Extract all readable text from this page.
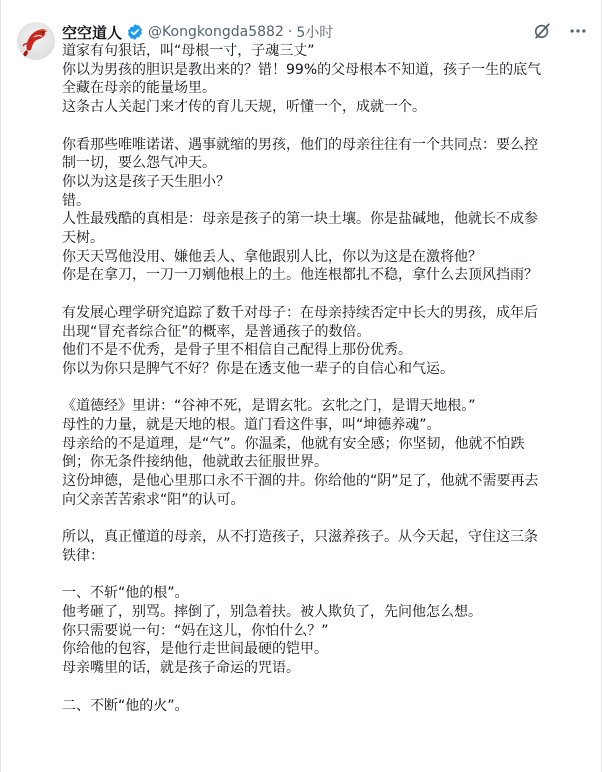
空空道人 @Kongkongda5882 · 5小时
道家有句狠话，叫“母根一寸，子魂三丈”
你以为男孩的胆识是教出来的？错！99%的父母根本不知道，孩子一生的底气
全藏在母亲的能量场里。
这条古人关起门来才传的育儿天规，听懂一个，成就一个。
你看那些唯唯诺诺、遇事就缩的男孩，他们的母亲往往有一个共同点：要么控
制一切，要么怨气冲天。
你以为这是孩子天生胆小？
错。
人性最残酷的真相是：母亲是孩子的第一块土壤。你是盐碱地，他就长不成参
天树。
你天天骂他没用、嫌他丢人、拿他跟别人比，你以为这是在激将他？
你是在拿刀，一刀一刀剜他根上的土。他连根都扎不稳，拿什么去顶风挡雨？
有发展心理学研究追踪了数千对母子：在母亲持续否定中长大的男孩，成年后
出现“冒充者综合征”的概率，是普通孩子的数倍。
他们不是不优秀，是骨子里不相信自己配得上那份优秀。
你以为你只是脾气不好？你是在透支他一辈子的自信心和气运。
《道德经》里讲：“谷神不死，是谓玄牝。玄牝之门，是谓天地根。”
母性的力量，就是天地的根。道门看这件事，叫“坤德养魂”。
母亲给的不是道理，是“气”。你温柔，他就有安全感；你坚韧，他就不怕跌
倒；你无条件接纳他，他就敢去征服世界。
这份坤德，是他心里那口永不干涸的井。你给他的“阴”足了，他就不需要再去
向父亲苦苦索求“阳”的认可。
所以，真正懂道的母亲，从不打造孩子，只滋养孩子。从今天起，守住这三条
铁律：
一、不斩“他的根”。
他考砸了，别骂。摔倒了，别急着扶。被人欺负了，先问他怎么想。
你只需要说一句：“妈在这儿，你怕什么？”
你给他的包容，是他行走世间最硬的铠甲。
母亲嘴里的话，就是孩子命运的咒语。
二、不断“他的火”。
